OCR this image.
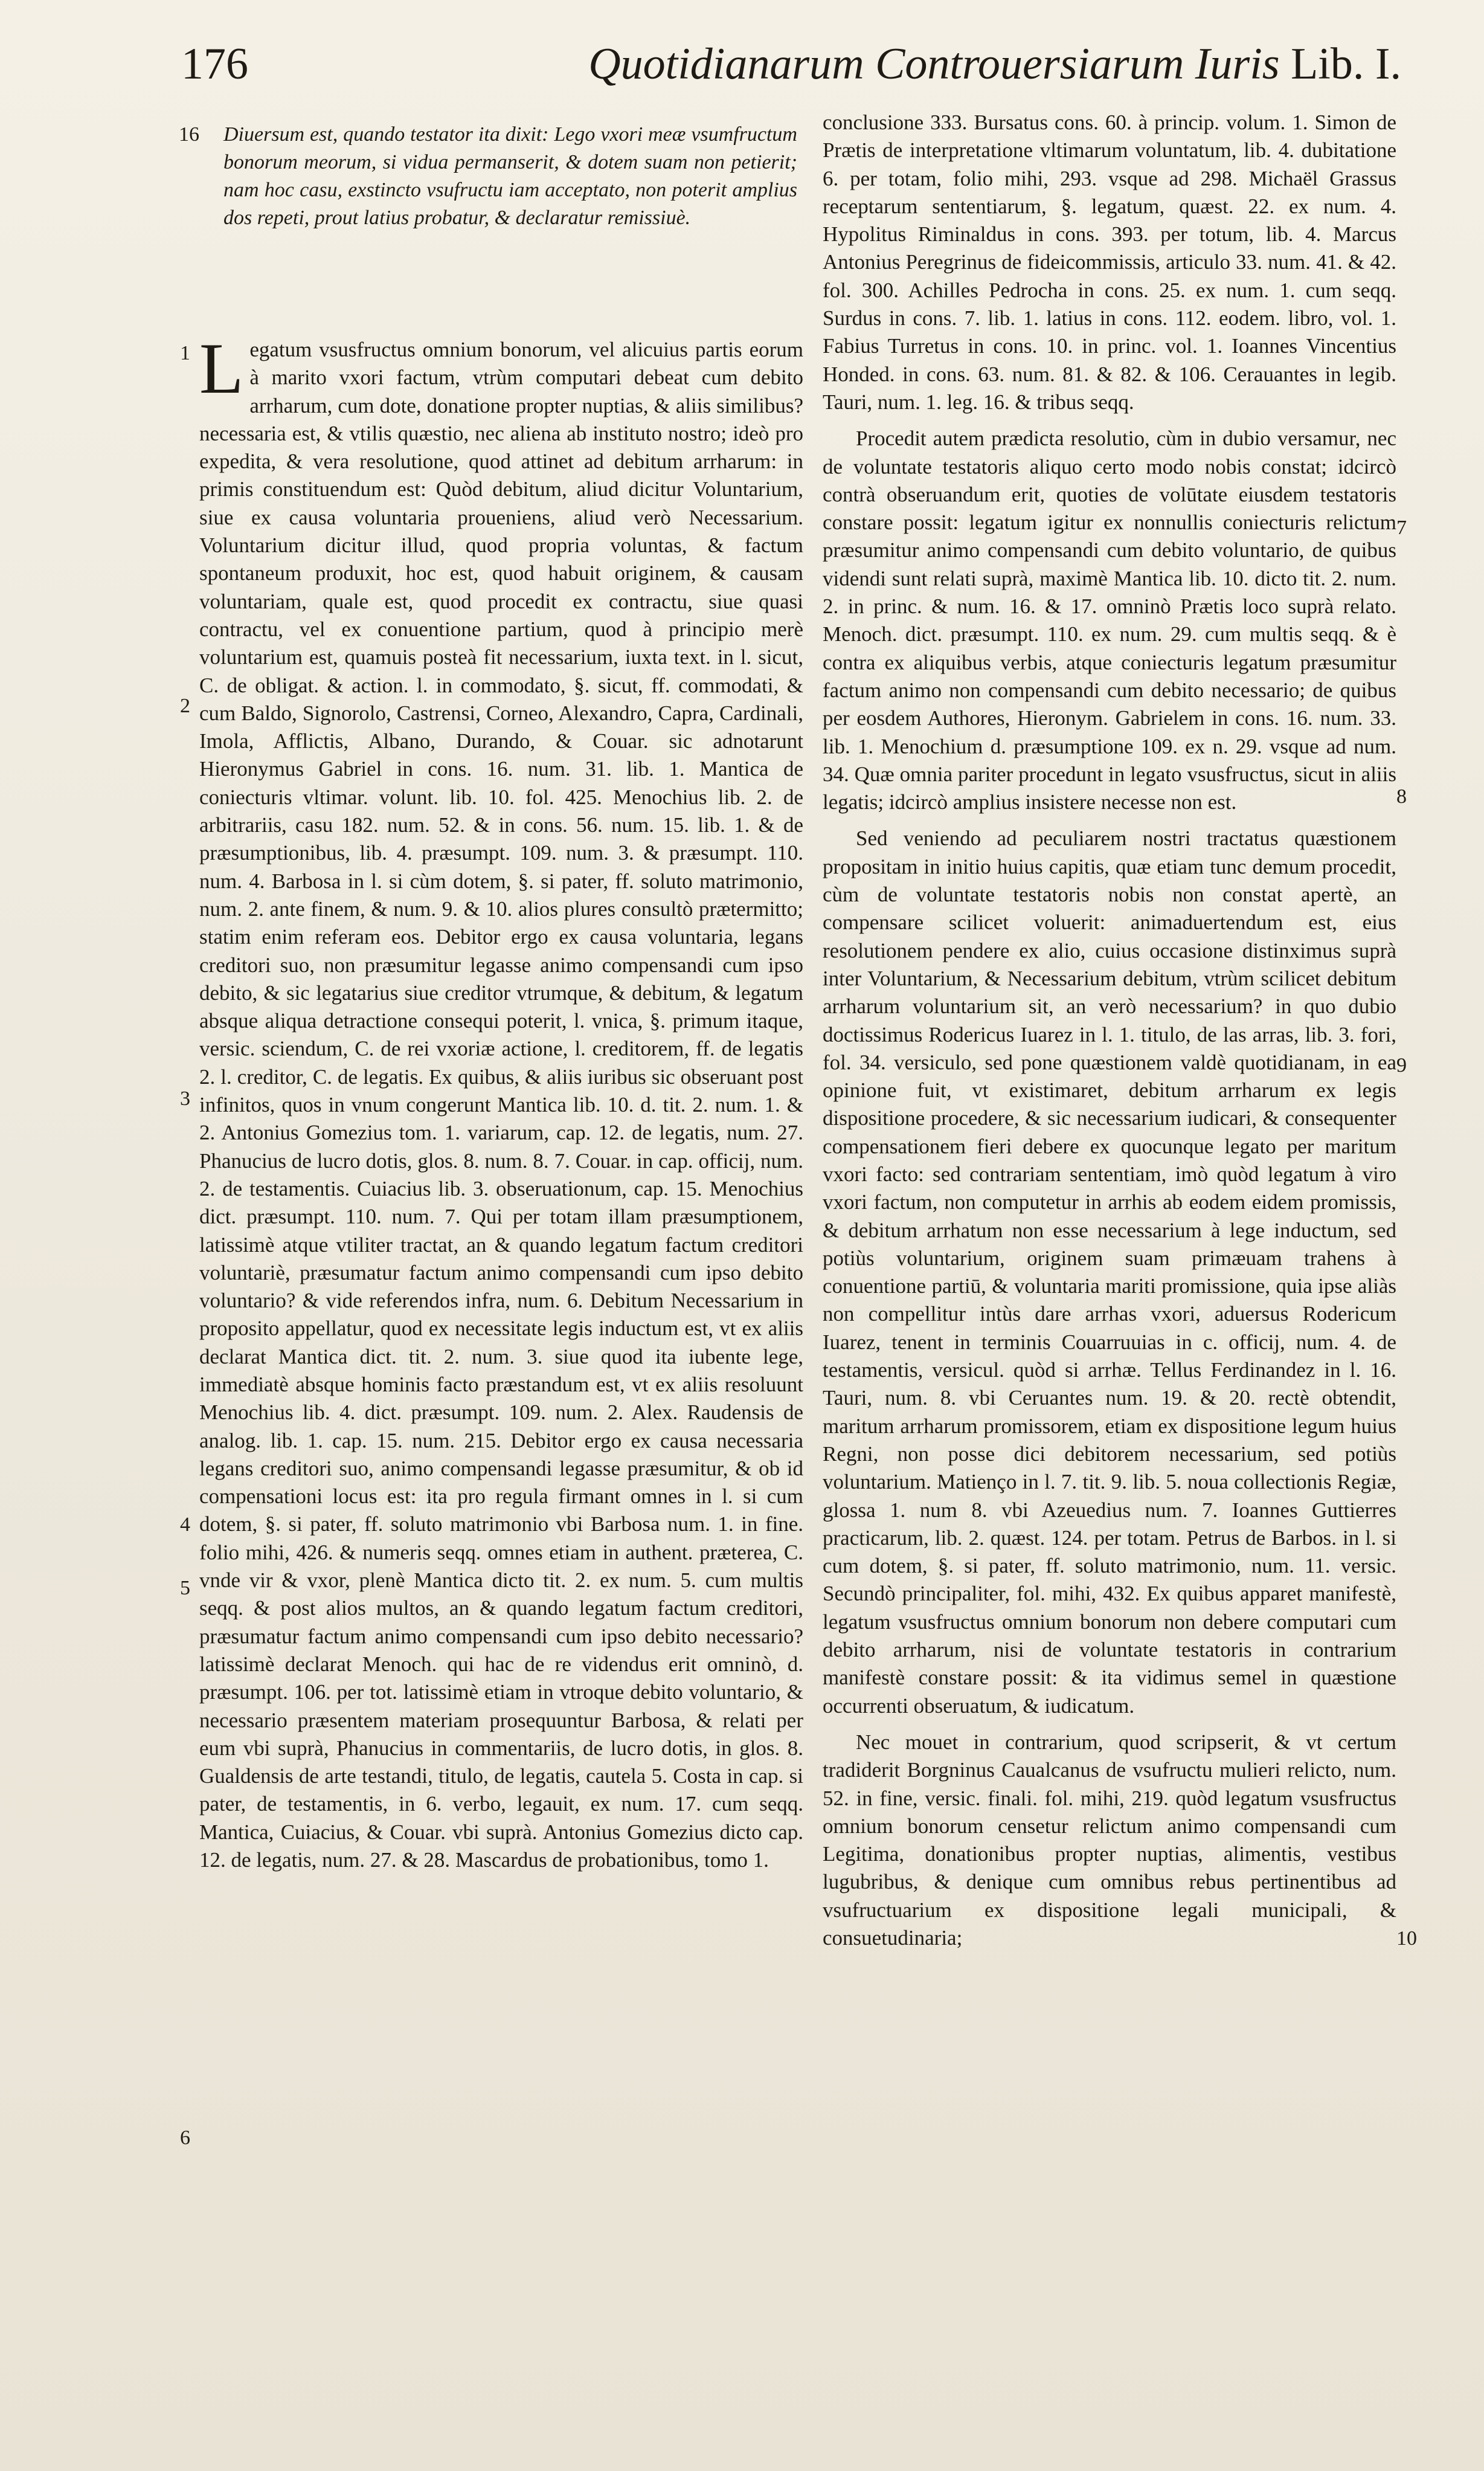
176	Quotidianarum Controuersiarum Iuris Lib. I.
16 Diuersum est, quando testator ita dixit: Lego vxori meæ vsumfructum bonorum meorum, si vidua permanserit, & dotem suam non petierit; nam hoc casu, exstincto vsufructu iam acceptato, non poterit amplius dos repeti, prout latius probatur, & declaratur remissiuè.

1
2
3
4
5
6
7
8
9
10

Legatum vsusfructus omnium bonorum, vel alicuius partis eorum à marito vxori factum, vtrùm computari debeat cum debito arrharum, cum dote, donatione propter nuptias, & aliis similibus? necessaria est, & vtilis quæstio, nec aliena ab instituto nostro; ideò pro expedita, & vera resolutione, quod attinet ad debitum arrharum: in primis constituendum est: Quòd debitum, aliud dicitur Voluntarium, siue ex causa voluntaria proueniens, aliud verò Necessarium. Voluntarium dicitur illud, quod propria voluntas, & factum spontaneum produxit, hoc est, quod habuit originem, & causam voluntariam, quale est, quod procedit ex contractu, siue quasi contractu, vel ex conuentione partium, quod à principio merè voluntarium est, quamuis posteà fit necessarium, iuxta text. in l. sicut, C. de obligat. & action. l. in commodato, §. sicut, ff. commodati, & cum Baldo, Signorolo, Castrensi, Corneo, Alexandro, Capra, Cardinali, Imola, Afflictis, Albano, Durando, & Couar. sic adnotarunt Hieronymus Gabriel in cons. 16. num. 31. lib. 1. Mantica de coniecturis vltimar. volunt. lib. 10. fol. 425. Menochius lib. 2. de arbitrariis, casu 182. num. 52. & in cons. 56. num. 15. lib. 1. & de præsumptionibus, lib. 4. præsumpt. 109. num. 3. & præsumpt. 110. num. 4. Barbosa in l. si cùm dotem, §. si pater, ff. soluto matrimonio, num. 2. ante finem, & num. 9. & 10. alios plures consultò prætermitto; statim enim referam eos. Debitor ergo ex causa voluntaria, legans creditori suo, non præsumitur legasse animo compensandi cum ipso debito, & sic legatarius siue creditor vtrumque, & debitum, & legatum absque aliqua detractione consequi poterit, l. vnica, §. primum itaque, versic. sciendum, C. de rei vxoriæ actione, l. creditorem, ff. de legatis 2. l. creditor, C. de legatis. Ex quibus, & aliis iuribus sic obseruant post infinitos, quos in vnum congerunt Mantica lib. 10. d. tit. 2. num. 1. & 2. Antonius Gomezius tom. 1. variarum, cap. 12. de legatis, num. 27. Phanucius de lucro dotis, glos. 8. num. 8. 7. Couar. in cap. officij, num. 2. de testamentis. Cuiacius lib. 3. obseruationum, cap. 15. Menochius dict. præsumpt. 110. num. 7. Qui per totam illam præsumptionem, latissimè atque vtiliter tractat, an & quando legatum factum creditori voluntariè, præsumatur factum animo compensandi cum ipso debito voluntario? & vide referendos infra, num. 6. Debitum Necessarium in proposito appellatur, quod ex necessitate legis inductum est, vt ex aliis declarat Mantica dict. tit. 2. num. 3. siue quod ita iubente lege, immediatè absque hominis facto præstandum est, vt ex aliis resoluunt Menochius lib. 4. dict. præsumpt. 109. num. 2. Alex. Raudensis de analog. lib. 1. cap. 15. num. 215. Debitor ergo ex causa necessaria legans creditori suo, animo compensandi legasse præsumitur, & ob id compensationi locus est: ita pro regula firmant omnes in l. si cum dotem, §. si pater, ff. soluto matrimonio vbi Barbosa num. 1. in fine. folio mihi, 426. & numeris seqq. omnes etiam in authent. præterea, C. vnde vir & vxor, plenè Mantica dicto tit. 2. ex num. 5. cum multis seqq. & post alios multos, an & quando legatum factum creditori, præsumatur factum animo compensandi cum ipso debito necessario? latissimè declarat Menoch. qui hac de re videndus erit omninò, d. præsumpt. 106. per tot. latissimè etiam in vtroque debito voluntario, & necessario præsentem materiam prosequuntur Barbosa, & relati per eum vbi suprà, Phanucius in commentariis, de lucro dotis, in glos. 8. Gualdensis de arte testandi, titulo, de legatis, cautela 5. Costa in cap. si pater, de testamentis, in 6. verbo, legauit, ex num. 17. cum seqq. Mantica, Cuiacius, & Couar. vbi suprà. Antonius Gomezius dicto cap. 12. de legatis, num. 27. & 28. Mascardus de probationibus, tomo 1.

conclusione 333. Bursatus cons. 60. à princip. volum. 1. Simon de Prætis de interpretatione vltimarum voluntatum, lib. 4. dubitatione 6. per totam, folio mihi, 293. vsque ad 298. Michaël Grassus receptarum sententiarum, §. legatum, quæst. 22. ex num. 4. Hypolitus Riminaldus in cons. 393. per totum, lib. 4. Marcus Antonius Peregrinus de fideicommissis, articulo 33. num. 41. & 42. fol. 300. Achilles Pedrocha in cons. 25. ex num. 1. cum seqq. Surdus in cons. 7. lib. 1. latius in cons. 112. eodem. libro, vol. 1. Fabius Turretus in cons. 10. in princ. vol. 1. Ioannes Vincentius Honded. in cons. 63. num. 81. & 82. & 106. Cerauantes in legib. Tauri, num. 1. leg. 16. & tribus seqq.

Procedit autem prædicta resolutio, cùm in dubio versamur, nec de voluntate testatoris aliquo certo modo nobis constat; idcircò contrà obseruandum erit, quoties de volūtate eiusdem testatoris constare possit: legatum igitur ex nonnullis coniecturis relictum præsumitur animo compensandi cum debito voluntario, de quibus videndi sunt relati suprà, maximè Mantica lib. 10. dicto tit. 2. num. 2. in princ. & num. 16. & 17. omninò Prætis loco suprà relato. Menoch. dict. præsumpt. 110. ex num. 29. cum multis seqq. & è contra ex aliquibus verbis, atque coniecturis legatum præsumitur factum animo non compensandi cum debito necessario; de quibus per eosdem Authores, Hieronym. Gabrielem in cons. 16. num. 33. lib. 1. Menochium d. præsumptione 109. ex n. 29. vsque ad num. 34. Quæ omnia pariter procedunt in legato vsusfructus, sicut in aliis legatis; idcircò amplius insistere necesse non est.

Sed veniendo ad peculiarem nostri tractatus quæstionem propositam in initio huius capitis, quæ etiam tunc demum procedit, cùm de voluntate testatoris nobis non constat apertè, an compensare scilicet voluerit: animaduertendum est, eius resolutionem pendere ex alio, cuius occasione distinximus suprà inter Voluntarium, & Necessarium debitum, vtrùm scilicet debitum arrharum voluntarium sit, an verò necessarium? in quo dubio doctissimus Rodericus Iuarez in l. 1. titulo, de las arras, lib. 3. fori, fol. 34. versiculo, sed pone quæstionem valdè quotidianam, in ea opinione fuit, vt existimaret, debitum arrharum ex legis dispositione procedere, & sic necessarium iudicari, & consequenter compensationem fieri debere ex quocunque legato per maritum vxori facto: sed contrariam sententiam, imò quòd legatum à viro vxori factum, non computetur in arrhis ab eodem eidem promissis, & debitum arrhatum non esse necessarium à lege inductum, sed potiùs voluntarium, originem suam primæuam trahens à conuentione partiū, & voluntaria mariti promissione, quia ipse aliàs non compellitur intùs dare arrhas vxori, aduersus Rodericum Iuarez, tenent in terminis Couarruuias in c. officij, num. 4. de testamentis, versicul. quòd si arrhæ. Tellus Ferdinandez in l. 16. Tauri, num. 8. vbi Ceruantes num. 19. & 20. rectè obtendit, maritum arrharum promissorem, etiam ex dispositione legum huius Regni, non posse dici debitorem necessarium, sed potiùs voluntarium. Matienço in l. 7. tit. 9. lib. 5. noua collectionis Regiæ, glossa 1. num 8. vbi Azeuedius num. 7. Ioannes Guttierres practicarum, lib. 2. quæst. 124. per totam. Petrus de Barbos. in l. si cum dotem, §. si pater, ff. soluto matrimonio, num. 11. versic. Secundò principaliter, fol. mihi, 432. Ex quibus apparet manifestè, legatum vsusfructus omnium bonorum non debere computari cum debito arrharum, nisi de voluntate testatoris in contrarium manifestè constare possit: & ita vidimus semel in quæstione occurrenti obseruatum, & iudicatum.

Nec mouet in contrarium, quod scripserit, & vt certum tradiderit Borgninus Caualcanus de vsufructu mulieri relicto, num. 52. in fine, versic. finali. fol. mihi, 219. quòd legatum vsusfructus omnium bonorum censetur relictum animo compensandi cum Legitima, donationibus propter nuptias, alimentis, vestibus lugubribus, & denique cum omnibus rebus pertinentibus ad vsufructuarium ex dispositione legali municipali, & consuetudinaria;
